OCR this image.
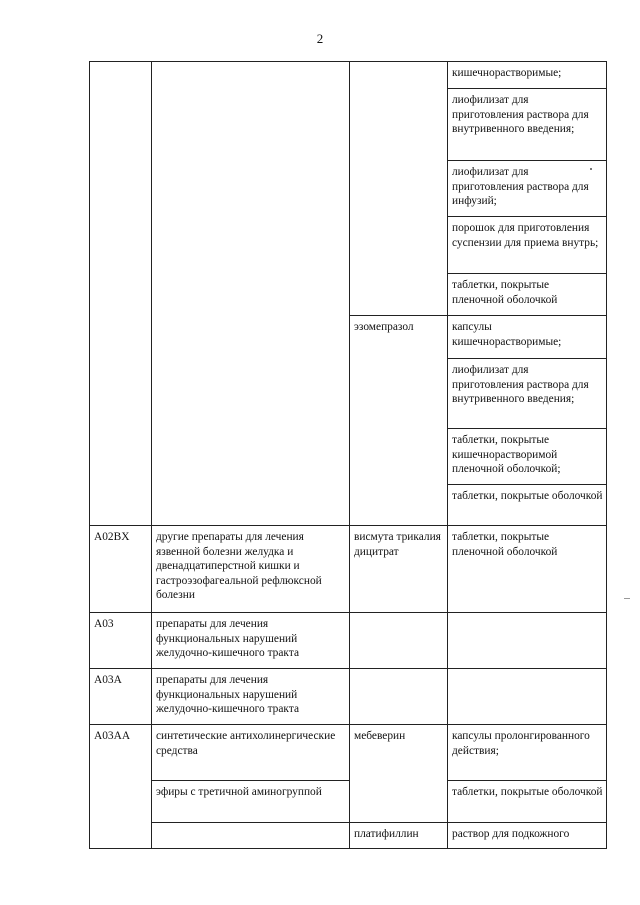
2
			кишечнорастворимые;
			лиофилизат для приготовления раствора для внутривенного введения;
			лиофилизат для приготовления раствора для инфузий;
			порошок для приготовления суспензии для приема внутрь;
			таблетки, покрытые пленочной оболочкой
		эзомепразол	капсулы кишечнорастворимые;
			лиофилизат для приготовления раствора для внутривенного введения;
			таблетки, покрытые кишечнорастворимой пленочной оболочкой;
			таблетки, покрытые оболочкой
A02BX	другие препараты для лечения язвенной болезни желудка и двенадцатиперстной кишки и гастроэзофагеальной рефлюксной болезни	висмута трикалия дицитрат	таблетки, покрытые пленочной оболочкой
A03	препараты для лечения функциональных нарушений желудочно-кишечного тракта		
A03A	препараты для лечения функциональных нарушений желудочно-кишечного тракта		
A03AA	синтетические антихолинергические средства	мебеверин	капсулы пролонгированного действия;
	эфиры с третичной аминогруппой		таблетки, покрытые оболочкой
		платифиллин	раствор для подкожного
